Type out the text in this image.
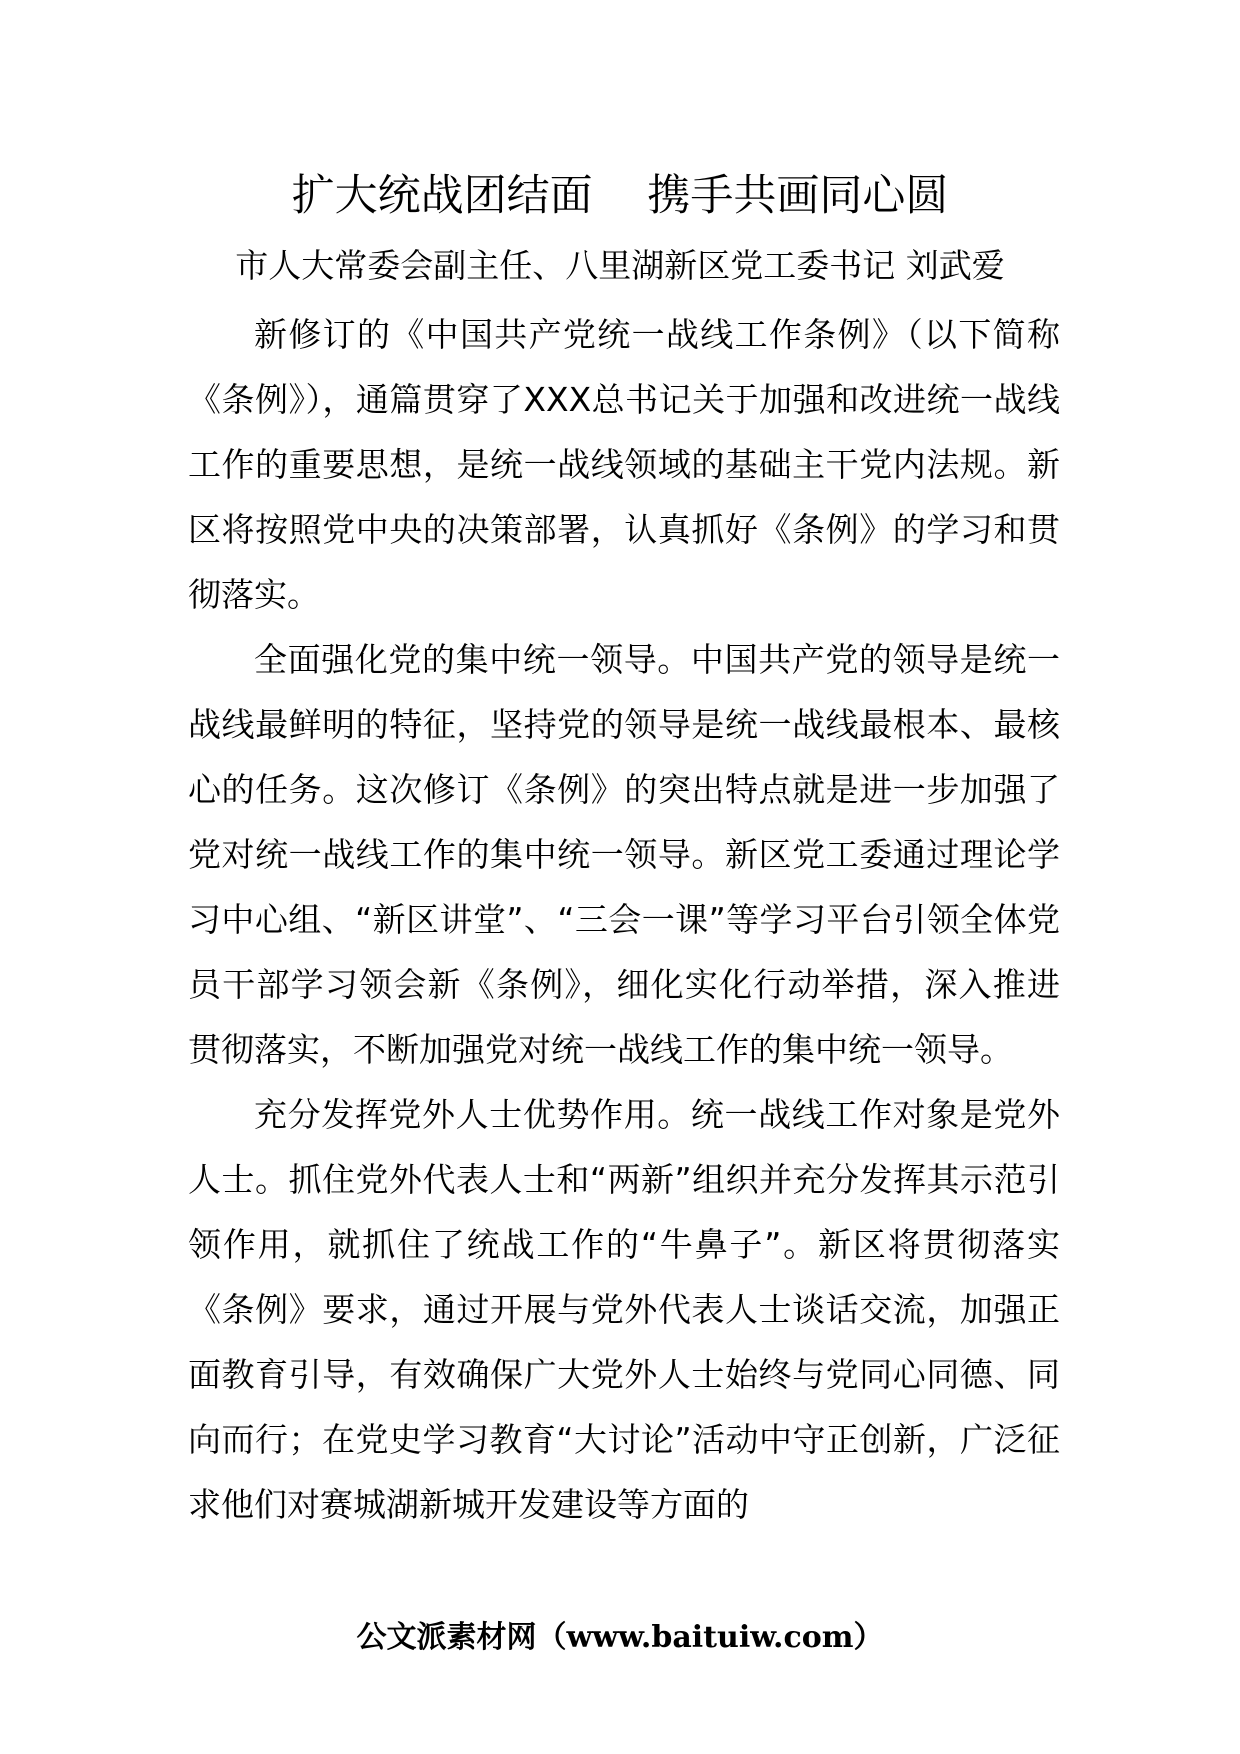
扩大统战团结面    携手共画同心圆

市人大常委会副主任、八里湖新区党工委书记 刘武爱

新修订的《中国共产党统一战线工作条例》（以下简称《条例》），通篇贯穿了XXX总书记关于加强和改进统一战线工作的重要思想，是统一战线领域的基础主干党内法规。新区将按照党中央的决策部署，认真抓好《条例》的学习和贯彻落实。

全面强化党的集中统一领导。中国共产党的领导是统一战线最鲜明的特征，坚持党的领导是统一战线最根本、最核心的任务。这次修订《条例》的突出特点就是进一步加强了党对统一战线工作的集中统一领导。新区党工委通过理论学习中心组、“新区讲堂”、“三会一课”等学习平台引领全体党员干部学习领会新《条例》，细化实化行动举措，深入推进贯彻落实，不断加强党对统一战线工作的集中统一领导。

充分发挥党外人士优势作用。统一战线工作对象是党外人士。抓住党外代表人士和“两新”组织并充分发挥其示范引领作用，就抓住了统战工作的“牛鼻子”。新区将贯彻落实《条例》要求，通过开展与党外代表人士谈话交流，加强正面教育引导，有效确保广大党外人士始终与党同心同德、同向而行；在党史学习教育“大讨论”活动中守正创新，广泛征求他们对赛城湖新城开发建设等方面的

公文派素材网（www.baituiw.com）
